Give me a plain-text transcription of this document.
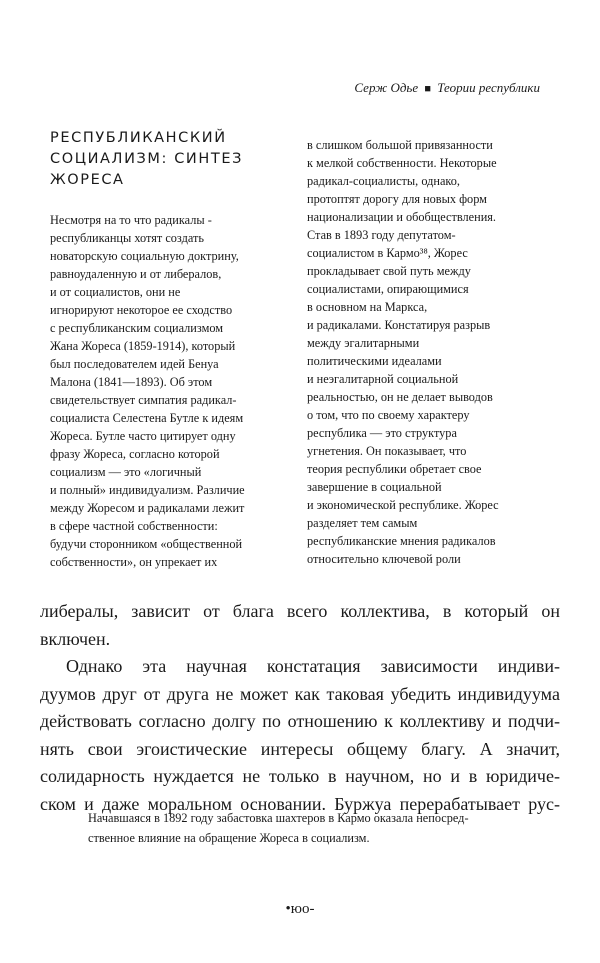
Серж Одье ■ Теории республики
РЕСПУБЛИКАНСКИЙ
СОЦИАЛИЗМ: СИНТЕЗ
ЖОРЕСА
Несмотря на то что радикалы -
республиканцы хотят создать
новаторскую социальную доктрину,
равноудаленную и от либералов,
и от социалистов, они не
игнорируют некоторое ее сходство
с республиканским социализмом
Жана Жореса (1859-1914), который
был последователем идей Бенуа
Малона (1841—1893). Об этом
свидетельствует симпатия радикал-
социалиста Селестена Бутле к идеям
Жореса. Бутле часто цитирует одну
фразу Жореса, согласно которой
социализм — это «логичный
и полный» индивидуализм. Различие
между Жоресом и радикалами лежит
в сфере частной собственности:
будучи сторонником «общественной
собственности», он упрекает их
в слишком большой привязанности
к мелкой собственности. Некоторые
радикал-социалисты, однако,
протоптят дорогу для новых форм
национализации и обобществления.
Став в 1893 году депутатом-
социалистом в Кармо³⁸, Жорес
прокладывает свой путь между
социалистами, опирающимися
в основном на Маркса,
и радикалами. Констатируя разрыв
между эгалитарными
политическими идеалами
и неэгалитарной социальной
реальностью, он не делает выводов
о том, что по своему характеру
республика — это структура
угнетения. Он показывает, что
теория республики обретает свое
завершение в социальной
и экономической республике. Жорес
разделяет тем самым
республиканские мнения радикалов
относительно ключевой роли
либералы, зависит от блага всего коллектива, в который он
включен.
Однако эта научная констатация зависимости индиви-
дуумов друг от друга не может как таковая убедить индивидуума
действовать согласно долгу по отношению к коллективу и подчи-
нять свои эгоистические интересы общему благу. А значит,
солидарность нуждается не только в научном, но и в юридиче-
ском и даже моральном основании. Буржуа перерабатывает рус-
Начавшаяся в 1892 году забастовка шахтеров в Кармо оказала непосред-
ственное влияние на обращение Жореса в социализм.
•юо-
